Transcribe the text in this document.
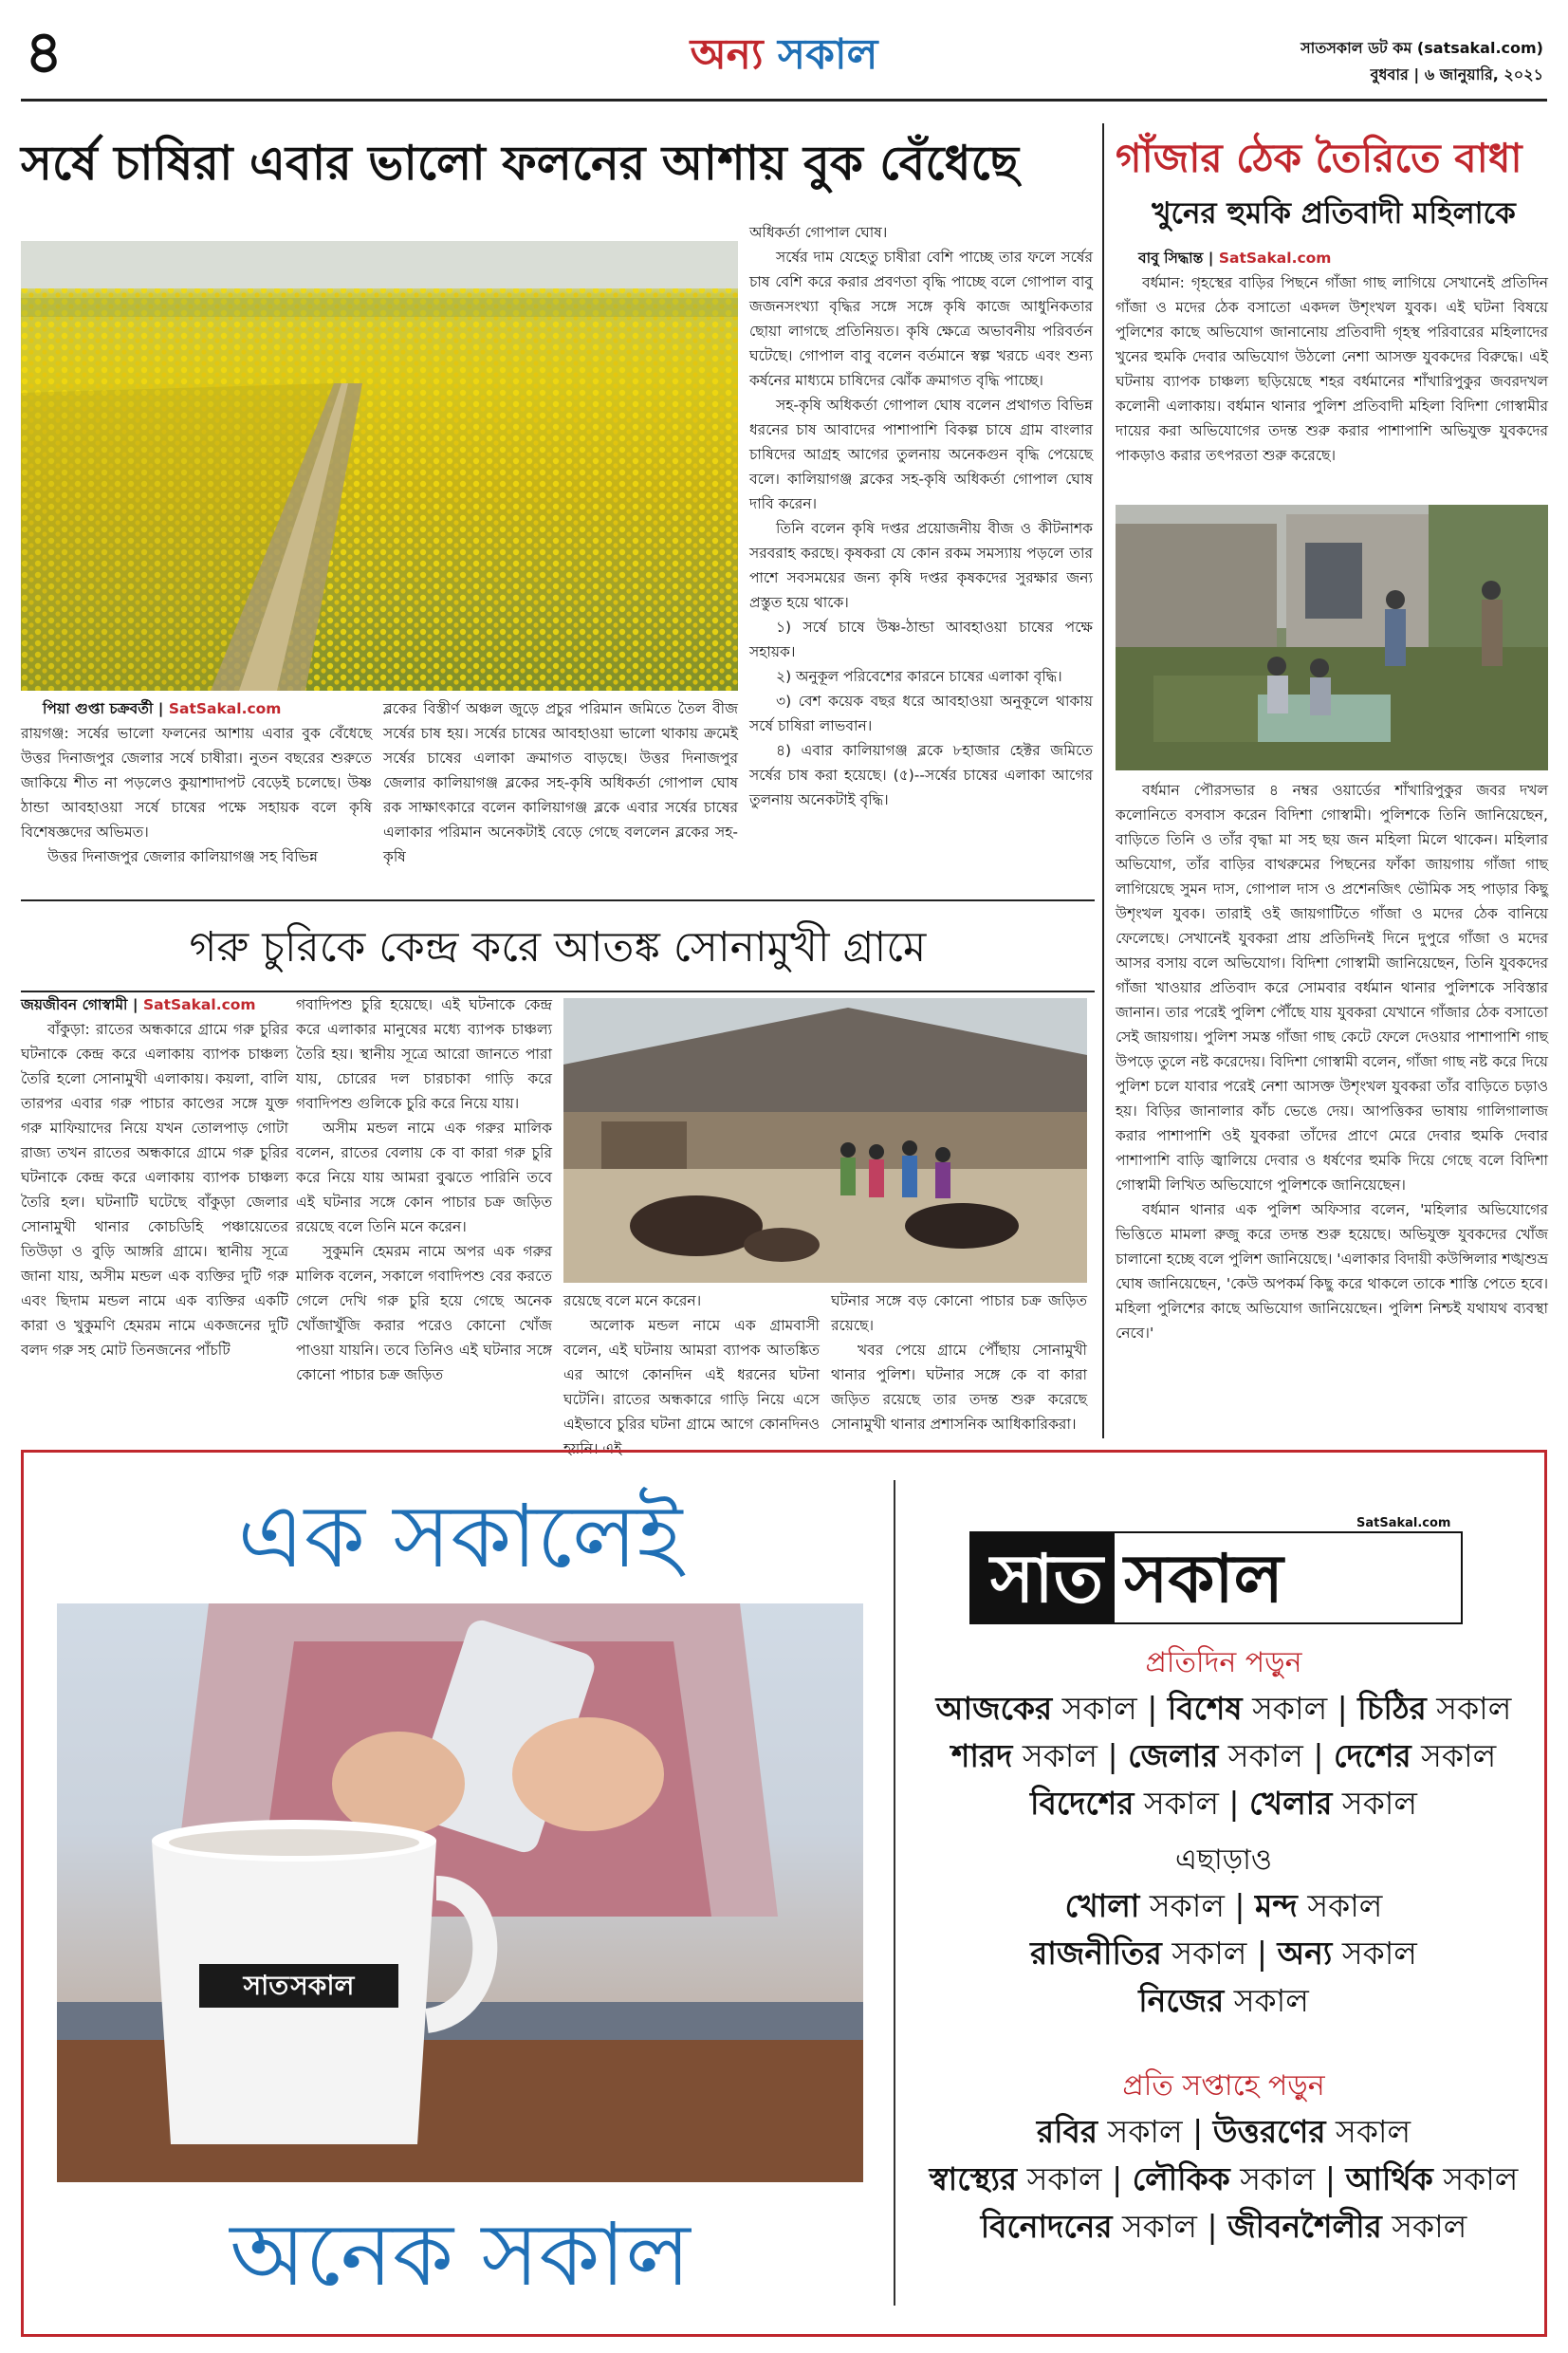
৪	অন্য সকাল	সাতসকাল ডট কম (satsakal.com)
বুধবার | ৬ জানুয়ারি, ২০২১
সর্ষে চাষিরা এবার ভালো ফলনের আশায় বুক বেঁধেছে
পিয়া গুপ্তা চক্রবর্তী | SatSakal.com

রায়গঞ্জ: সর্ষের ভালো ফলনের আশায় এবার বুক বেঁধেছে উত্তর দিনাজপুর জেলার সর্ষে চাষীরা। নুতন বছরের শুরুতে জাকিয়ে শীত না পড়লেও কুয়াশাদাপট বেড়েই চলেছে। উষ্ণ ঠান্ডা আবহাওয়া সর্ষে চাষের পক্ষে সহায়ক বলে কৃষি বিশেষজ্ঞদের অভিমত।

উত্তর দিনাজপুর জেলার কালিয়াগঞ্জ সহ বিভিন্ন

ব্লকের বিস্তীর্ণ অঞ্চল জুড়ে প্রচুর পরিমান জমিতে তৈল বীজ সর্ষের চাষ হয়। সর্ষের চাষের আবহাওয়া ভালো থাকায় ক্রমেই সর্ষের চাষের এলাকা ক্রমাগত বাড়ছে। উত্তর দিনাজপুর জেলার কালিয়াগঞ্জ ব্লকের সহ-কৃষি অধিকর্তা গোপাল ঘোষ রক সাক্ষাৎকারে বলেন কালিয়াগঞ্জ ব্লকে এবার সর্ষের চাষের এলাকার পরিমান অনেকটাই বেড়ে গেছে বললেন ব্লকের সহ-কৃষি

অধিকর্তা গোপাল ঘোষ।

সর্ষের দাম যেহেতু চাষীরা বেশি পাচ্ছে তার ফলে সর্ষের চাষ বেশি করে করার প্রবণতা বৃদ্ধি পাচ্ছে বলে গোপাল বাবু জজনসংখ্যা বৃদ্ধির সঙ্গে সঙ্গে কৃষি কাজে আধুনিকতার ছোয়া লাগছে প্রতিনিয়ত। কৃষি ক্ষেত্রে অভাবনীয় পরিবর্তন ঘটেছে। গোপাল বাবু বলেন বর্তমানে স্বল্প খরচে এবং শুন্য কর্ষনের মাধ্যমে চাষিদের ঝোঁক ক্রমাগত বৃদ্ধি পাচ্ছে।

সহ-কৃষি অধিকর্তা গোপাল ঘোষ বলেন প্রথাগত বিভিন্ন ধরনের চাষ আবাদের পাশাপাশি বিকল্প চাষে গ্রাম বাংলার চাষিদের আগ্রহ আগের তুলনায় অনেকগুন বৃদ্ধি পেয়েছে বলে। কালিয়াগঞ্জ ব্লকের সহ-কৃষি অধিকর্তা গোপাল ঘোষ দাবি করেন।

তিনি বলেন কৃষি দপ্তর প্রয়োজনীয় বীজ ও কীটনাশক সরবরাহ করছে। কৃষকরা যে কোন রকম সমস্যায় পড়লে তার পাশে সবসময়ের জন্য কৃষি দপ্তর কৃষকদের সুরক্ষার জন্য প্রস্তুত হয়ে থাকে।

১) সর্ষে চাষে উষ্ণ-ঠান্ডা আবহাওয়া চাষের পক্ষে সহায়ক।

২) অনুকূল পরিবেশের কারনে চাষের এলাকা বৃদ্ধি।

৩) বেশ কয়েক বছর ধরে আবহাওয়া অনুকূলে থাকায় সর্ষে চাষিরা লাভবান।

৪) এবার কালিয়াগঞ্জ ব্লকে ৮হাজার হেক্টর জমিতে সর্ষের চাষ করা হয়েছে। (৫)--সর্ষের চাষের এলাকা আগের তুলনায় অনেকটাই বৃদ্ধি।

গাঁজার ঠেক তৈরিতে বাধা
খুনের হুমকি প্রতিবাদী মহিলাকে
বাবু সিদ্ধান্ত | SatSakal.com

বর্ধমান: গৃহস্থের বাড়ির পিছনে গাঁজা গাছ লাগিয়ে সেখানেই প্রতিদিন গাঁজা ও মদের ঠেক বসাতো একদল উশৃংখল যুবক। এই ঘটনা বিষয়ে পুলিশের কাছে অভিযোগ জানানোয় প্রতিবাদী গৃহস্থ পরিবারের মহিলাদের খুনের হুমকি দেবার অভিযোগ উঠলো নেশা আসক্ত যুবকদের বিরুদ্ধে। এই ঘটনায় ব্যাপক চাঞ্চল্য ছড়িয়েছে শহর বর্ধমানের শাঁখারিপুকুর জবরদখল কলোনী এলাকায়। বর্ধমান থানার পুলিশ প্রতিবাদী মহিলা বিদিশা গোস্বামীর দায়ের করা অভিযোগের তদন্ত শুরু করার পাশাপাশি অভিযুক্ত যুবকদের পাকড়াও করার তৎপরতা শুরু করেছে।

বর্ধমান পৌরসভার ৪ নম্বর ওয়ার্ডের শাঁখারিপুকুর জবর দখল কলোনিতে বসবাস করেন বিদিশা গোস্বামী। পুলিশকে তিনি জানিয়েছেন, বাড়িতে তিনি ও তাঁর বৃদ্ধা মা সহ ছয় জন মহিলা মিলে থাকেন। মহিলার অভিযোগ, তাঁর বাড়ির বাথরুমের পিছনের ফাঁকা জায়গায় গাঁজা গাছ লাগিয়েছে সুমন দাস, গোপাল দাস ও প্রশেনজিৎ ভৌমিক সহ পাড়ার কিছু উশৃংখল যুবক। তারাই ওই জায়গাটিতে গাঁজা ও মদের ঠেক বানিয়ে ফেলেছে। সেখানেই যুবকরা প্রায় প্রতিদিনই দিনে দুপুরে গাঁজা ও মদের আসর বসায় বলে অভিযোগ। বিদিশা গোস্বামী জানিয়েছেন, তিনি যুবকদের গাঁজা খাওয়ার প্রতিবাদ করে সোমবার বর্ধমান থানার পুলিশকে সবিস্তার জানান। তার পরেই পুলিশ পৌঁছে যায় যুবকরা যেখানে গাঁজার ঠেক বসাতো সেই জায়গায়। পুলিশ সমস্ত গাঁজা গাছ কেটে ফেলে দেওয়ার পাশাপাশি গাছ উপড়ে তুলে নষ্ট করেদেয়। বিদিশা গোস্বামী বলেন, গাঁজা গাছ নষ্ট করে দিয়ে পুলিশ চলে যাবার পরেই নেশা আসক্ত উশৃংখল যুবকরা তাঁর বাড়িতে চড়াও হয়। বিড়ির জানালার কাঁচ ভেঙে দেয়। আপত্তিকর ভাষায় গালিগালাজ করার পাশাপাশি ওই যুবকরা তাঁদের প্রাণে মেরে দেবার হুমকি দেবার পাশাপাশি বাড়ি জ্বালিয়ে দেবার ও ধর্ষণের হুমকি দিয়ে গেছে বলে বিদিশা গোস্বামী লিখিত অভিযোগে পুলিশকে জানিয়েছেন।

বর্ধমান থানার এক পুলিশ অফিসার বলেন, 'মহিলার অভিযোগের ভিত্তিতে মামলা রুজু করে তদন্ত শুরু হয়েছে। অভিযুক্ত যুবকদের খোঁজ চালানো হচ্ছে বলে পুলিশ জানিয়েছে। 'এলাকার বিদায়ী কউন্সিলার শঙ্খশুভ্র ঘোষ জানিয়েছেন, 'কেউ অপকর্ম কিছু করে থাকলে তাকে শাস্তি পেতে হবে। মহিলা পুলিশের কাছে অভিযোগ জানিয়েছেন। পুলিশ নিশ্চই যথাযথ ব্যবস্থা নেবে।'

গরু চুরিকে কেন্দ্র করে আতঙ্ক সোনামুখী গ্রামে
জয়জীবন গোস্বামী | SatSakal.com

বাঁকুড়া: রাতের অন্ধকারে গ্রামে গরু চুরির ঘটনাকে কেন্দ্র করে এলাকায় ব্যাপক চাঞ্চল্য তৈরি হলো সোনামুখী এলাকায়। কয়লা, বালি তারপর এবার গরু পাচার কাণ্ডের সঙ্গে যুক্ত গরু মাফিয়াদের নিয়ে যখন তোলপাড় গোটা রাজ্য তখন রাতের অন্ধকারে গ্রামে গরু চুরির ঘটনাকে কেন্দ্র করে এলাকায় ব্যাপক চাঞ্চল্য তৈরি হল। ঘটনাটি ঘটেছে বাঁকুড়া জেলার সোনামুখী থানার কোচডিহি পঞ্চায়েতের তিউড়া ও বুড়ি আঙ্গরি গ্রামে। স্থানীয় সূত্রে জানা যায়, অসীম মন্ডল এক ব্যক্তির দুটি গরু এবং ছিদাম মন্ডল নামে এক ব্যক্তির একটি কারা ও খুকুমণি হেমরম নামে একজনের দুটি বলদ গরু সহ মোট তিনজনের পাঁচটি

গবাদিপশু চুরি হয়েছে। এই ঘটনাকে কেন্দ্র করে এলাকার মানুষের মধ্যে ব্যাপক চাঞ্চল্য তৈরি হয়। স্থানীয় সূত্রে আরো জানতে পারা যায়, চোরের দল চারচাকা গাড়ি করে গবাদিপশু গুলিকে চুরি করে নিয়ে যায়।

অসীম মন্ডল নামে এক গরুর মালিক বলেন, রাতের বেলায় কে বা কারা গরু চুরি করে নিয়ে যায় আমরা বুঝতে পারিনি তবে এই ঘটনার সঙ্গে কোন পাচার চক্র জড়িত রয়েছে বলে তিনি মনে করেন।

সুকুমনি হেমরম নামে অপর এক গরুর মালিক বলেন, সকালে গবাদিপশু বের করতে গেলে দেখি গরু চুরি হয়ে গেছে অনেক খোঁজাখুঁজি করার পরেও কোনো খোঁজ পাওয়া যায়নি। তবে তিনিও এই ঘটনার সঙ্গে কোনো পাচার চক্র জড়িত

রয়েছে বলে মনে করেন।

অলোক মন্ডল নামে এক গ্রামবাসী বলেন, এই ঘটনায় আমরা ব্যাপক আতঙ্কিত এর আগে কোনদিন এই ধরনের ঘটনা ঘটেনি। রাতের অন্ধকারে গাড়ি নিয়ে এসে এইভাবে চুরির ঘটনা গ্রামে আগে কোনদিনও হয়নি। এই

ঘটনার সঙ্গে বড় কোনো পাচার চক্র জড়িত রয়েছে।

খবর পেয়ে গ্রামে পৌঁছায় সোনামুখী থানার পুলিশ। ঘটনার সঙ্গে কে বা কারা জড়িত রয়েছে তার তদন্ত শুরু করেছে সোনামুখী থানার প্রশাসনিক আধিকারিকরা।

এক সকালেই
সাত সকাল
অনেক সকাল
SatSakal.com
সাত সকাল
প্রতিদিন পড়ুন
আজকের সকাল | বিশেষ সকাল | চিঠির সকাল
শারদ সকাল | জেলার সকাল | দেশের সকাল
বিদেশের সকাল | খেলার সকাল
এছাড়াও
খোলা সকাল | মন্দ সকাল
রাজনীতির সকাল | অন্য সকাল
নিজের সকাল
প্রতি সপ্তাহে পড়ুন
রবির সকাল | উত্তরণের সকাল
স্বাস্থ্যের সকাল | লৌকিক সকাল | আর্থিক সকাল
বিনোদনের সকাল | জীবনশৈলীর সকাল
